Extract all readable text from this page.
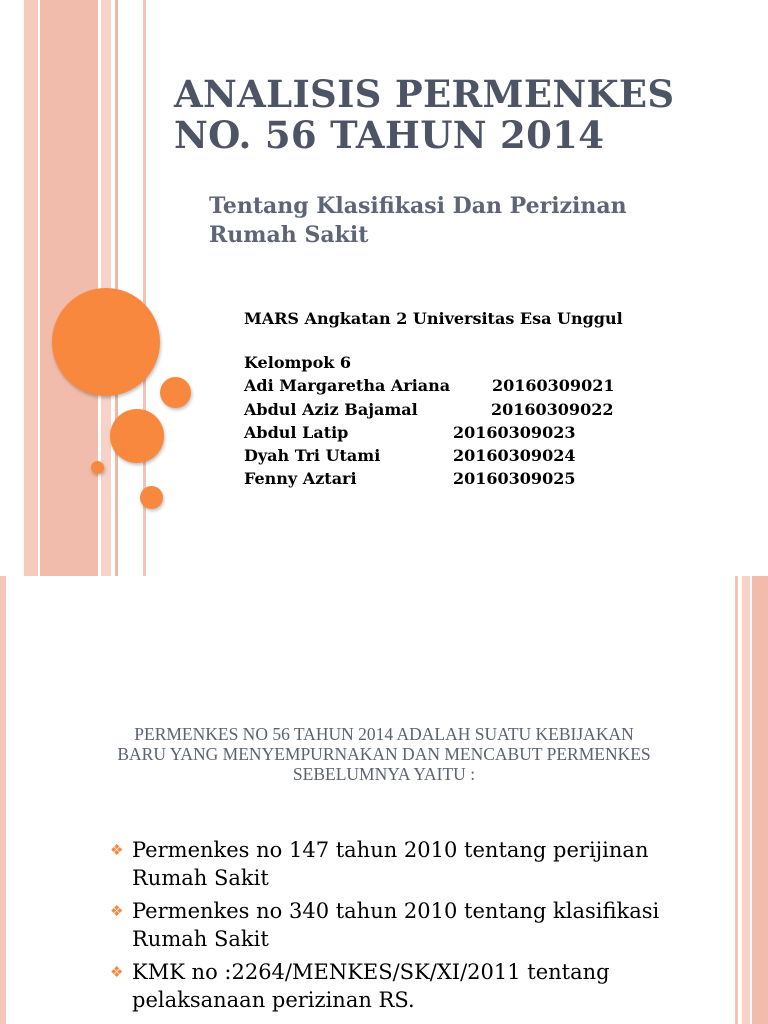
ANALISIS PERMENKES
NO. 56 TAHUN 2014
Tentang Klasifikasi Dan Perizinan
Rumah Sakit
MARS Angkatan 2 Universitas Esa Unggul
Kelompok 6
Adi Margaretha Ariana	20160309021
Abdul Aziz Bajamal	20160309022
Abdul Latip	20160309023
Dyah Tri Utami	20160309024
Fenny Aztari	20160309025
PERMENKES NO 56 TAHUN 2014 ADALAH SUATU KEBIJAKAN
BARU YANG MENYEMPURNAKAN DAN MENCABUT PERMENKES
SEBELUMNYA YAITU :
❖ Permenkes no 147 tahun 2010 tentang perijinan
Rumah Sakit
❖ Permenkes no 340 tahun 2010 tentang klasifikasi
Rumah Sakit
❖ KMK no :2264/MENKES/SK/XI/2011 tentang
pelaksanaan perizinan RS.
